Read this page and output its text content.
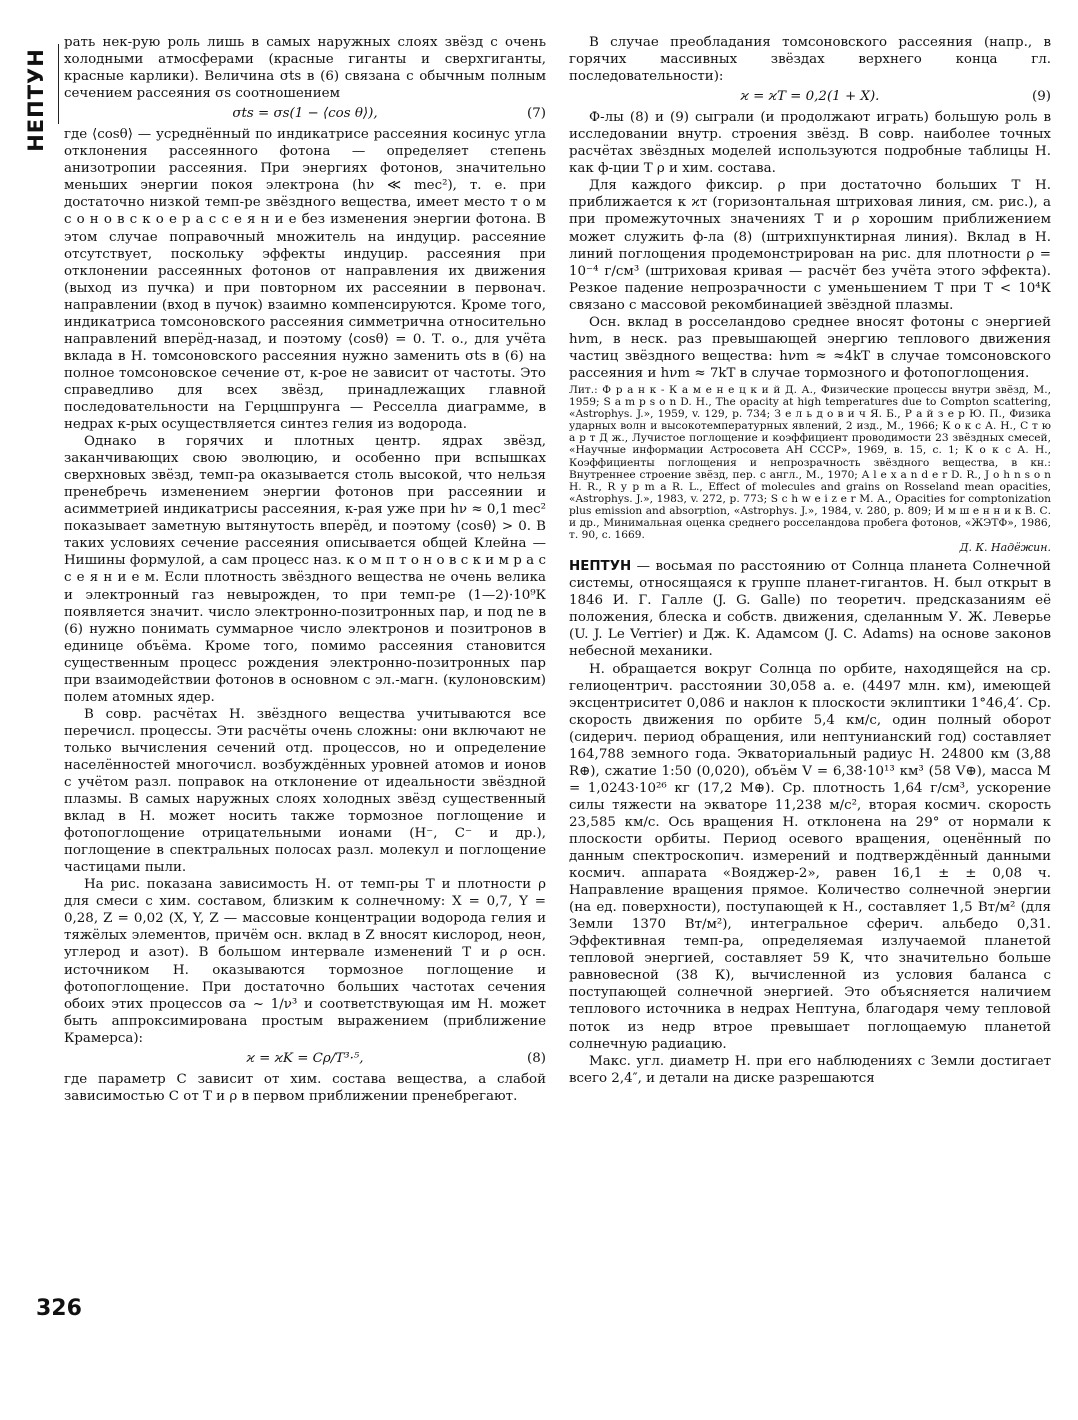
НЕПТУН

рать нек-рую роль лишь в самых наружных слоях звёзд с очень холодными атмосферами (красные гиганты и сверхгиганты, красные карлики). Величина σts в (6) связана с обычным полным сечением рассеяния σs соотношением

σts = σs(1 − ⟨cos θ⟩),	(7)

где ⟨cosθ⟩ — усреднённый по индикатрисе рассеяния косинус угла отклонения рассеянного фотона — определяет степень анизотропии рассеяния. При энергиях фотонов, значительно меньших энергии покоя электрона (hν ≪ mec²), т. е. при достаточно низкой темп-ре звёздного вещества, имеет место т о м с о н о в с к о е р а с с е я н и е без изменения энергии фотона. В этом случае поправочный множитель на индуцир. рассеяние отсутствует, поскольку эффекты индуцир. рассеяния при отклонении рассеянных фотонов от направления их движения (выход из пучка) и при повторном их рассеянии в первонач. направлении (вход в пучок) взаимно компенсируются. Кроме того, индикатриса томсоновского рассеяния симметрична относительно направлений вперёд-назад, и поэтому ⟨cosθ⟩ = 0. Т. о., для учёта вклада в Н. томсоновского рассеяния нужно заменить σts в (6) на полное томсоновское сечение σт, к-рое не зависит от частоты. Это справедливо для всех звёзд, принадлежащих главной последовательности на Герцшпрунга — Ресселла диаграмме, в недрах к-рых осуществляется синтез гелия из водорода.

Однако в горячих и плотных центр. ядрах звёзд, заканчивающих свою эволюцию, и особенно при вспышках сверхновых звёзд, темп-ра оказывается столь высокой, что нельзя пренебречь изменением энергии фотонов при рассеянии и асимметрией индикатрисы рассеяния, к-рая уже при hν ≈ 0,1 mec² показывает заметную вытянутость вперёд, и поэтому ⟨cosθ⟩ > 0. В таких условиях сечение рассеяния описывается общей Клейна — Нишины формулой, а сам процесс наз. к о м п т о н о в с к и м р а с с е я н и е м. Если плотность звёздного вещества не очень велика и электронный газ невырожден, то при темп-ре (1—2)·10⁹К появляется значит. число электронно-позитронных пар, и под ne в (6) нужно понимать суммарное число электронов и позитронов в единице объёма. Кроме того, помимо рассеяния становится существенным процесс рождения электронно-позитронных пар при взаимодействии фотонов в основном с эл.-магн. (кулоновским) полем атомных ядер.

В совр. расчётах Н. звёздного вещества учитываются все перечисл. процессы. Эти расчёты очень сложны: они включают не только вычисления сечений отд. процессов, но и определение населённостей многочисл. возбуждённых уровней атомов и ионов с учётом разл. поправок на отклонение от идеальности звёздной плазмы. В самых наружных слоях холодных звёзд существенный вклад в Н. может носить также тормозное поглощение и фотопоглощение отрицательными ионами (H⁻, C⁻ и др.), поглощение в спектральных полосах разл. молекул и поглощение частицами пыли.

На рис. показана зависимость Н. от темп-ры T и плотности ρ для смеси с хим. составом, близким к солнечному: X = 0,7, Y = 0,28, Z = 0,02 (X, Y, Z — массовые концентрации водорода гелия и тяжёлых элементов, причём осн. вклад в Z вносят кислород, неон, углерод и азот). В большом интервале изменений T и ρ осн. источником Н. оказываются тормозное поглощение и фотопоглощение. При достаточно больших частотах сечения обоих этих процессов σa ~ 1/ν³ и соответствующая им Н. может быть аппроксимирована простым выражением (приближение Крамерса):

ϰ = ϰK = Cρ/T³·⁵,	(8)

где параметр C зависит от хим. состава вещества, а слабой зависимостью C от T и ρ в первом приближении пренебрегают.

В случае преобладания томсоновского рассеяния (напр., в горячих массивных звёздах верхнего конца гл. последовательности):

ϰ = ϰT = 0,2(1 + X).	(9)

Ф-лы (8) и (9) сыграли (и продолжают играть) большую роль в исследовании внутр. строения звёзд. В совр. наиболее точных расчётах звёздных моделей используются подробные таблицы Н. как ф-ции T ρ и хим. состава.

Для каждого фиксир. ρ при достаточно больших T Н. приближается к ϰт (горизонтальная штриховая линия, см. рис.), а при промежуточных значениях T и ρ хорошим приближением может служить ф-ла (8) (штрихпунктирная линия). Вклад в Н. линий поглощения продемонстрирован на рис. для плотности ρ = 10⁻⁴ г/см³ (штриховая кривая — расчёт без учёта этого эффекта). Резкое падение непрозрачности с уменьшением T при T < 10⁴К связано с массовой рекомбинацией звёздной плазмы.

Осн. вклад в росселандово среднее вносят фотоны с энергией hνm, в неск. раз превышающей энергию теплового движения частиц звёздного вещества: hνm ≈ ≈4kT в случае томсоновского рассеяния и hνm ≈ 7kT в случае тормозного и фотопоглощения.

Лит.: Ф р а н к - К а м е н е ц к и й Д. А., Физические процессы внутри звёзд, М., 1959; S a m p s o n D. H., The opacity at high temperatures due to Compton scattering, «Astrophys. J.», 1959, v. 129, p. 734; З е л ь д о в и ч Я. Б., Р а й з е р Ю. П., Физика ударных волн и высокотемпературных явлений, 2 изд., М., 1966; К о к с А. Н., С т ю а р т Д ж., Лучистое поглощение и коэффициент проводимости 23 звёздных смесей, «Научные информации Астросовета АН СССР», 1969, в. 15, с. 1; К о к с А. Н., Коэффициенты поглощения и непрозрачность звёздного вещества, в кн.: Внутреннее строение звёзд, пер. с англ., М., 1970; A l e x a n d e r D. R., J o h n s o n H. R., R y p m a R. L., Effect of molecules and grains on Rosseland mean opacities, «Astrophys. J.», 1983, v. 272, p. 773; S c h w e i z e r M. A., Opacities for comptonization plus emission and absorption, «Astrophys. J.», 1984, v. 280, p. 809; И м ш е н н и к В. С. и др., Минимальная оценка среднего росселандова пробега фотонов, «ЖЭТФ», 1986, т. 90, с. 1669.
Д. К. Надёжин.

НЕПТУН — восьмая по расстоянию от Солнца планета Солнечной системы, относящаяся к группе планет-гигантов. Н. был открыт в 1846 И. Г. Галле (J. G. Galle) по теоретич. предсказаниям её положения, блеска и собств. движения, сделанным У. Ж. Леверье (U. J. Le Verrier) и Дж. К. Адамсом (J. C. Adams) на основе законов небесной механики.

Н. обращается вокруг Солнца по орбите, находящейся на ср. гелиоцентрич. расстоянии 30,058 а. е. (4497 млн. км), имеющей эксцентриситет 0,086 и наклон к плоскости эклиптики 1°46,4′. Ср. скорость движения по орбите 5,4 км/с, один полный оборот (сидерич. период обращения, или нептунианский год) составляет 164,788 земного года. Экваториальный радиус Н. 24800 км (3,88 R⊕), сжатие 1:50 (0,020), объём V = 6,38·10¹³ км³ (58 V⊕), масса M = 1,0243·10²⁶ кг (17,2 M⊕). Ср. плотность 1,64 г/см³, ускорение силы тяжести на экваторе 11,238 м/с², вторая космич. скорость 23,585 км/с. Ось вращения Н. отклонена на 29° от нормали к плоскости орбиты. Период осевого вращения, оценённый по данным спектроскопич. измерений и подтверждённый данными космич. аппарата «Вояджер-2», равен 16,1 ± ± 0,08 ч. Направление вращения прямое. Количество солнечной энергии (на ед. поверхности), поступающей к Н., составляет 1,5 Вт/м² (для Земли 1370 Вт/м²), интегральное сферич. альбедо 0,31. Эффективная темп-ра, определяемая излучаемой планетой тепловой энергией, составляет 59 К, что значительно больше равновесной (38 К), вычисленной из условия баланса с поступающей солнечной энергией. Это объясняется наличием теплового источника в недрах Нептуна, благодаря чему тепловой поток из недр втрое превышает поглощаемую планетой солнечную радиацию.

Макс. угл. диаметр Н. при его наблюдениях с Земли достигает всего 2,4″, и детали на диске разрешаются

326
